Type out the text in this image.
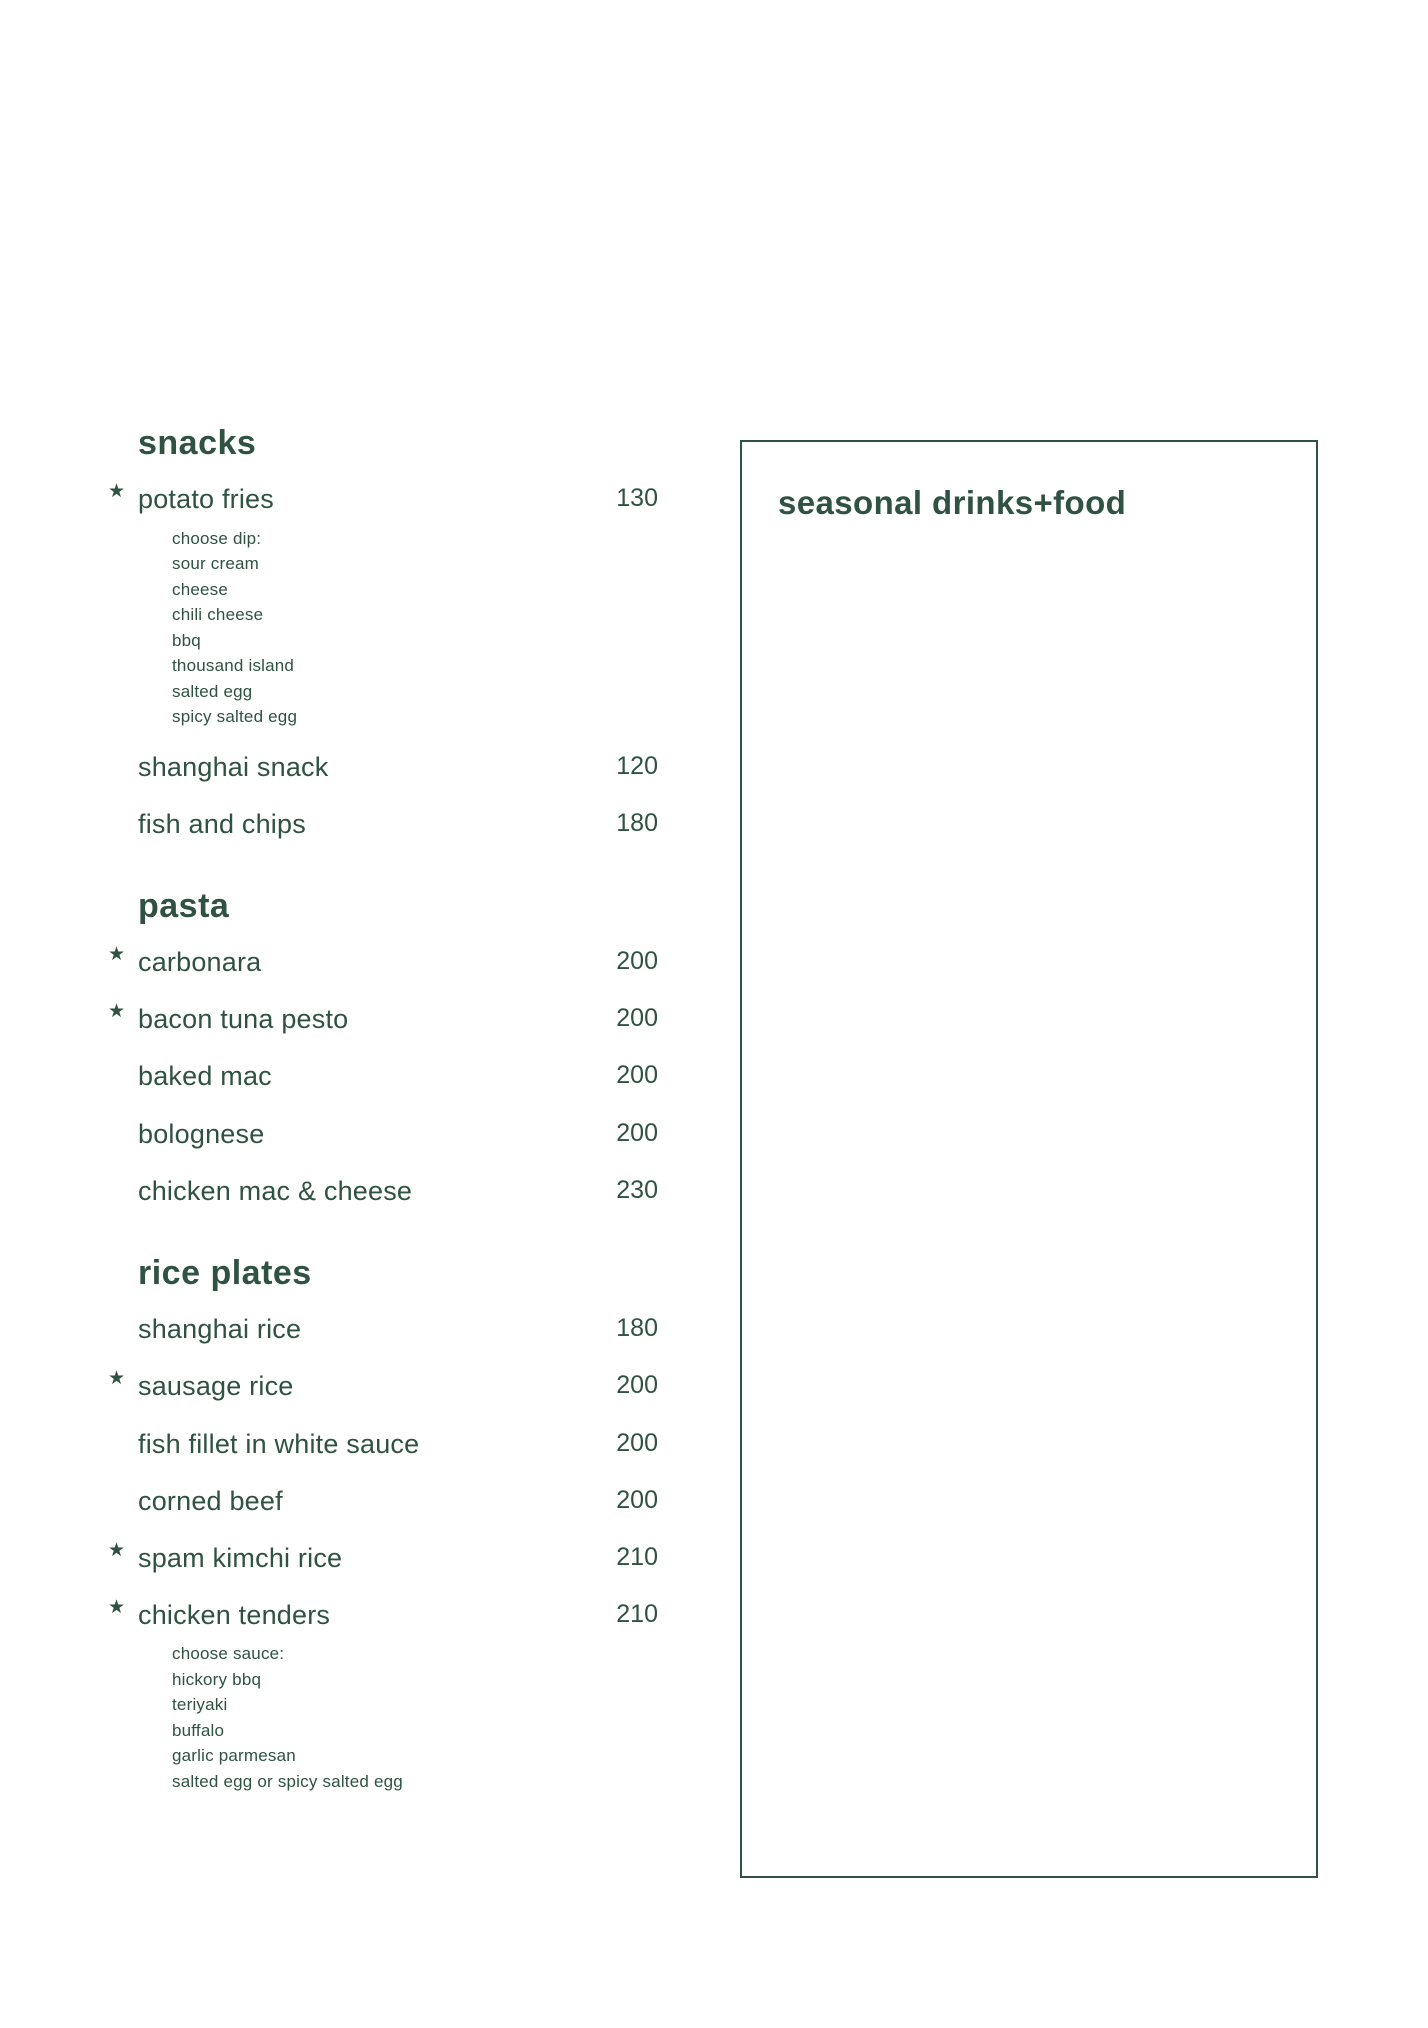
snacks
★ potato fries	130
choose dip:
sour cream
cheese
chili cheese
bbq
thousand island
salted egg
spicy salted egg
shanghai snack	120
fish and chips	180
pasta
★ carbonara	200
★ bacon tuna pesto	200
baked mac	200
bolognese	200
chicken mac & cheese	230
rice plates
shanghai rice	180
★ sausage rice	200
fish fillet in white sauce	200
corned beef	200
★ spam kimchi rice	210
★ chicken tenders	210
choose sauce:
hickory bbq
teriyaki
buffalo
garlic parmesan
salted egg or spicy salted egg
seasonal drinks+food
